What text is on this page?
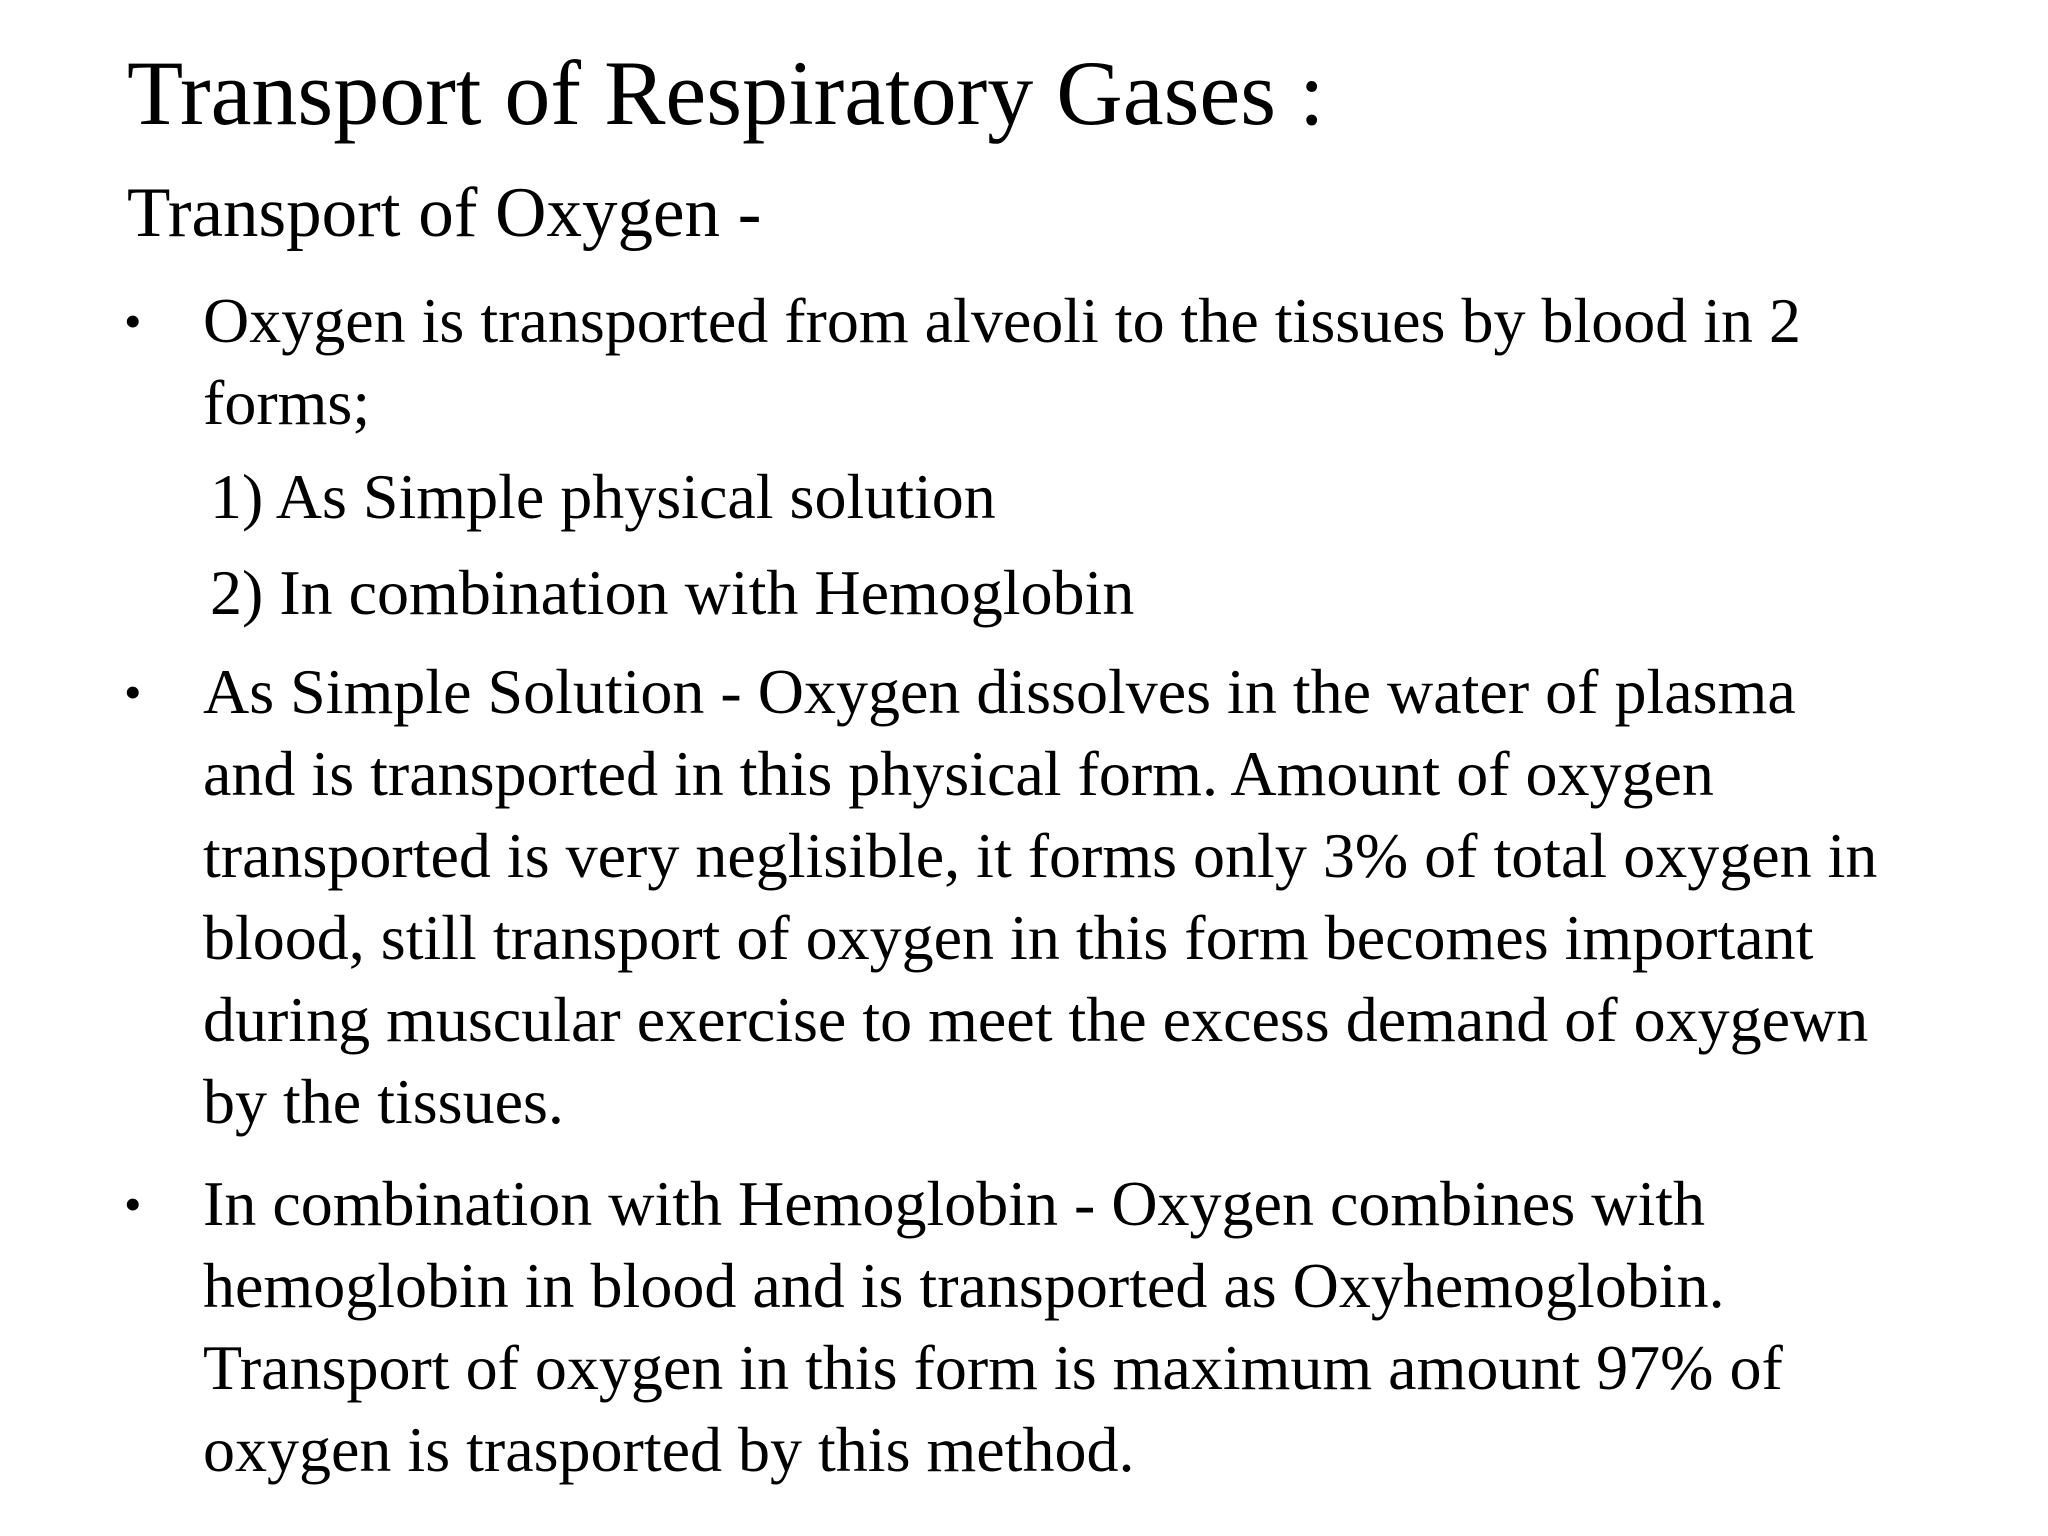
Transport of Respiratory Gases :
Transport of Oxygen -
• Oxygen is transported from alveoli to the tissues by blood in 2
forms;

1) As Simple physical solution
2) In combination with Hemoglobin
• As Simple Solution - Oxygen dissolves in the water of plasma
and is transported in this physical form. Amount of oxygen
transported is very neglisible, it forms only 3% of total oxygen in
blood, still transport of oxygen in this form becomes important
during muscular exercise to meet the excess demand of oxygewn
by the tissues.

• In combination with Hemoglobin - Oxygen combines with
hemoglobin in blood and is transported as Oxyhemoglobin.
Transport of oxygen in this form is maximum amount 97% of
oxygen is trasported by this method.
